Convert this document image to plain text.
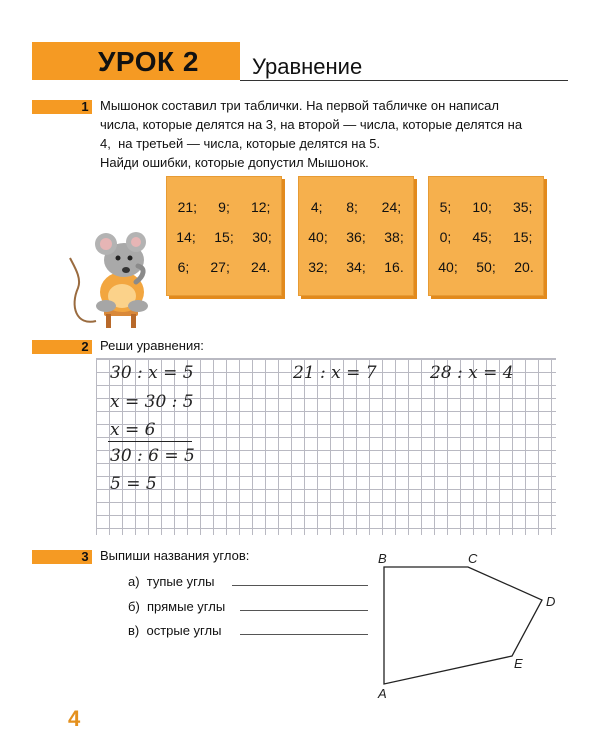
УРОК 2 Уравнение
1 Мышонок составил три таблички. На первой табличке он написал
числа, которые делятся на 3, на второй — числа, которые делятся на
4,  на третьей — числа, которые делятся на 5.
Найди ошибки, которые допустил Мышонок.
21; 9; 12;
14; 15; 30;
6; 27; 24.
4; 8; 24;
40; 36; 38;
32; 34; 16.
5; 10; 35;
0; 45; 15;
40; 50; 20.
2 Реши уравнения:
30 : x = 5	21 : x = 7	28 : x = 4
x = 30 : 5
x = 6
30 : 6 = 5
5 = 5
3 Выпиши названия углов:
а)  тупые углы
б)  прямые углы
в)  острые углы
B	C
D
E
A
4
